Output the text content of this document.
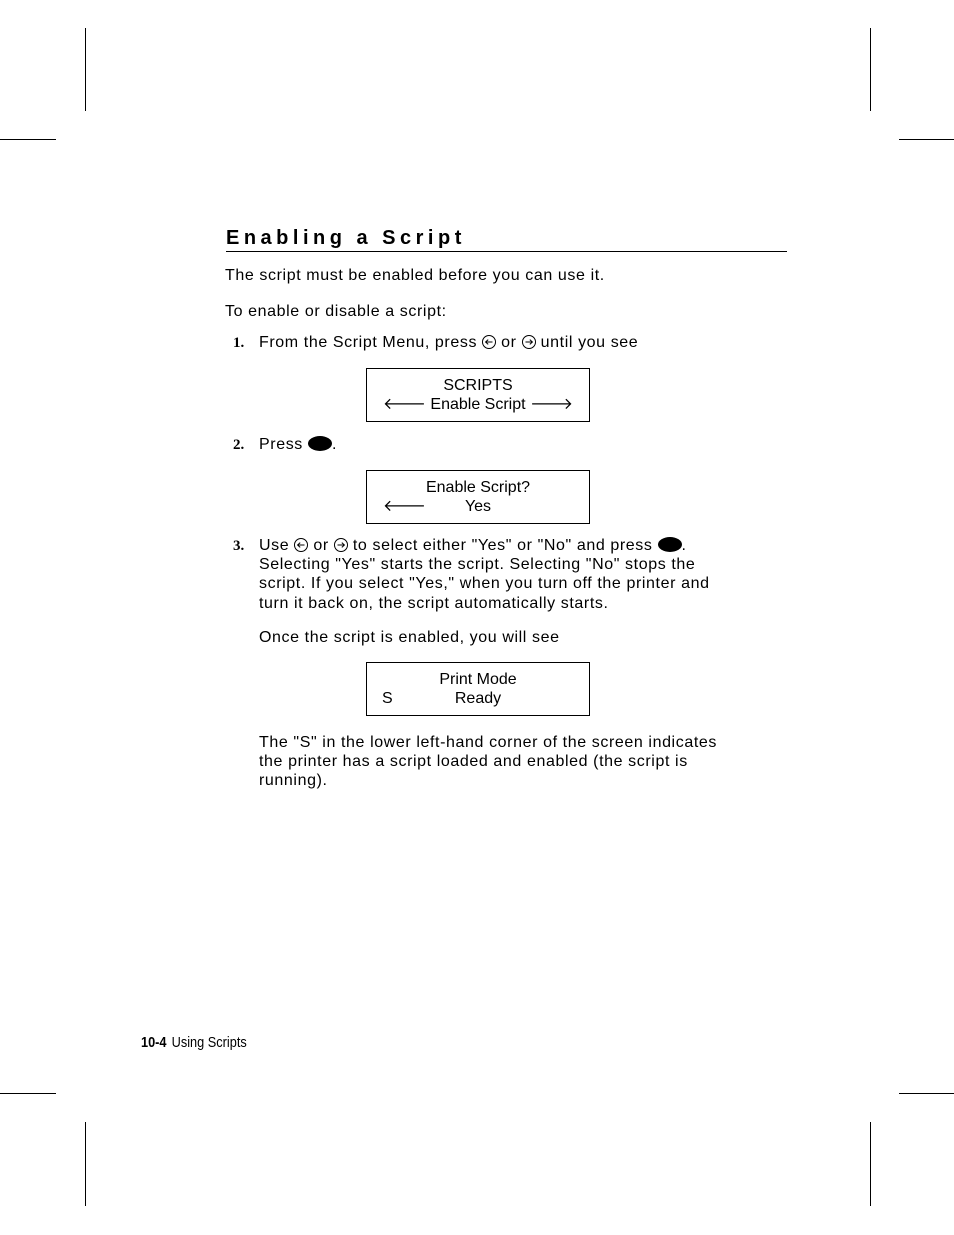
Enabling a Script

The script must be enabled before you can use it.

To enable or disable a script:

1. From the Script Menu, press or until you see

SCRIPTS
🡐 Enable Script 🡒
2. Press .

Enable Script?
🡐	Yes
3. Use or to select either "Yes" or "No" and press .

Selecting "Yes" starts the script. Selecting "No" stops the

script. If you select "Yes," when you turn off the printer and

turn it back on, the script automatically starts.

Once the script is enabled, you will see

Print Mode
S	Ready

The "S" in the lower left-hand corner of the screen indicates

the printer has a script loaded and enabled (the script is

running).

10-4 Using Scripts
